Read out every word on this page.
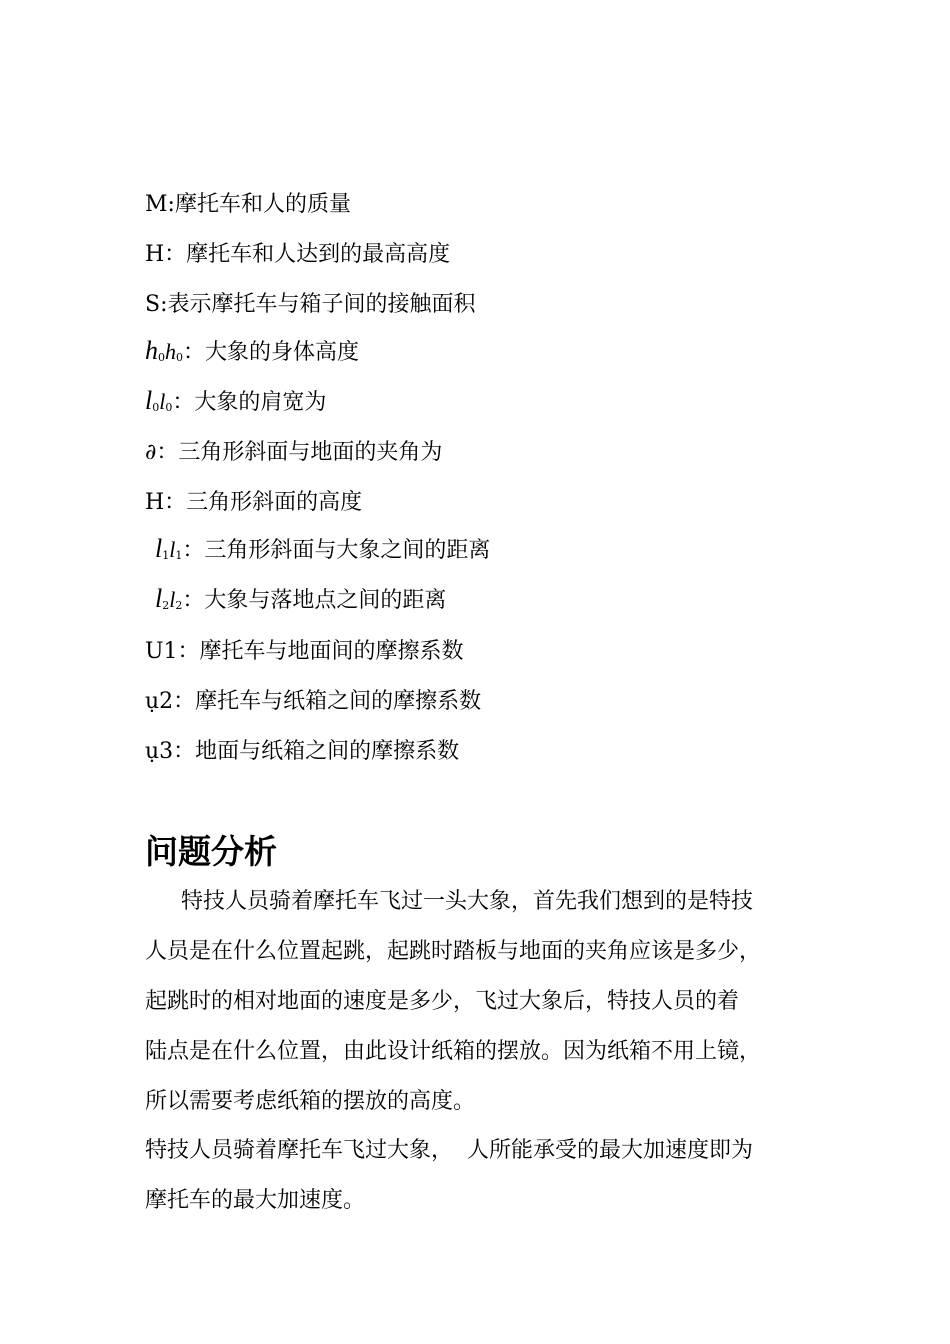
M:摩托车和人的质量
H：摩托车和人达到的最高高度
S:表示摩托车与箱子间的接触面积
h0h0：大象的身体高度
l0l0：大象的肩宽为
∂：三角形斜面与地面的夹角为
H：三角形斜面的高度
l1l1：三角形斜面与大象之间的距离
l2l2：大象与落地点之间的距离
U1：摩托车与地面间的摩擦系数
ụ2：摩托车与纸箱之间的摩擦系数
ụ3：地面与纸箱之间的摩擦系数
问题分析
特技人员骑着摩托车飞过一头大象，首先我们想到的是特技
人员是在什么位置起跳，起跳时踏板与地面的夹角应该是多少，
起跳时的相对地面的速度是多少，飞过大象后，特技人员的着
陆点是在什么位置，由此设计纸箱的摆放。因为纸箱不用上镜，
所以需要考虑纸箱的摆放的高度。
特技人员骑着摩托车飞过大象，  人所能承受的最大加速度即为
摩托车的最大加速度。
